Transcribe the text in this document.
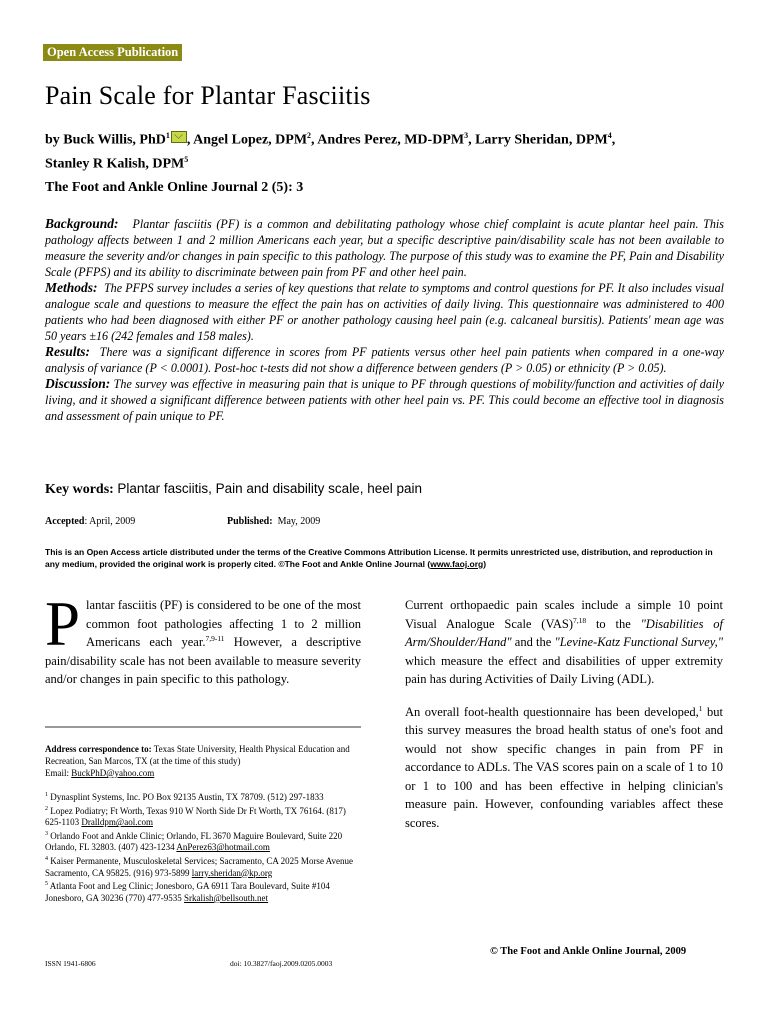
Open Access Publication
Pain Scale for Plantar Fasciitis
by Buck Willis, PhD$^1$ , Angel Lopez, DPM$^2$, Andres Perez, MD-DPM$^3$, Larry Sheridan, DPM$^4$,
Stanley R Kalish, DPM$^5$
The Foot and Ankle Online Journal 2 (5): 3

Background: Plantar fasciitis (PF) is a common and debilitating pathology whose chief complaint is acute plantar heel pain. This pathology affects between 1 and 2 million Americans each year, but a specific descriptive pain/disability scale has not been available to measure the severity and/or changes in pain specific to this pathology. The purpose of this study was to examine the PF, Pain and Disability Scale (PFPS) and its ability to discriminate between pain from PF and other heel pain.

Methods: The PFPS survey includes a series of key questions that relate to symptoms and control questions for PF. It also includes visual analogue scale and questions to measure the effect the pain has on activities of daily living. This questionnaire was administered to 400 patients who had been diagnosed with either PF or another pathology causing heel pain (e.g. calcaneal bursitis). Patients' mean age was 50 years ±16 (242 females and 158 males).

Results: There was a significant difference in scores from PF patients versus other heel pain patients when compared in a one-way analysis of variance (P < 0.0001). Post-hoc t-tests did not show a difference between genders (P > 0.05) or ethnicity (P > 0.05).

Discussion: The survey was effective in measuring pain that is unique to PF through questions of mobility/function and activities of daily living, and it showed a significant difference between patients with other heel pain vs. PF. This could become an effective tool in diagnosis and assessment of pain unique to PF.

Key words: Plantar fasciitis, Pain and disability scale, heel pain
Accepted: April, 2009	Published: May, 2009
This is an Open Access article distributed under the terms of the Creative Commons Attribution License. It permits unrestricted use, distribution, and reproduction in any medium, provided the original work is properly cited. ©The Foot and Ankle Online Journal (www.faoj.org)
Plantar fasciitis (PF) is considered to be one of the most common foot pathologies affecting 1 to 2 million Americans each year.$^{7,9-11}$ However, a descriptive pain/disability scale has not been available to measure severity and/or changes in pain specific to this pathology.

Address correspondence to: Texas State University, Health Physical Education and Recreation, San Marcos, TX (at the time of this study)
Email: BuckPhD@yahoo.com

$^1$ Dynasplint Systems, Inc. PO Box 92135 Austin, TX 78709. (512) 297-1833
$^2$ Lopez Podiatry; Ft Worth, Texas 910 W North Side Dr Ft Worth, TX 76164. (817) 625-1103 Dralldpm@aol.com
$^3$ Orlando Foot and Ankle Clinic; Orlando, FL 3670 Maguire Boulevard, Suite 220 Orlando, FL 32803. (407) 423-1234 AnPerez63@hotmail.com
$^4$ Kaiser Permanente, Musculoskeletal Services; Sacramento, CA 2025 Morse Avenue Sacramento, CA 95825. (916) 973-5899 larry.sheridan@kp.org
$^5$ Atlanta Foot and Leg Clinic; Jonesboro, GA 6911 Tara Boulevard, Suite #104 Jonesboro, GA 30236 (770) 477-9535 Srkalish@bellsouth.net

Current orthopaedic pain scales include a simple 10 point Visual Analogue Scale (VAS)$^{7,18}$ to the "Disabilities of Arm/Shoulder/Hand" and the "Levine-Katz Functional Survey," which measure the effect and disabilities of upper extremity pain has during Activities of Daily Living (ADL).

An overall foot-health questionnaire has been developed,$^1$ but this survey measures the broad health status of one's foot and would not show specific changes in pain from PF in accordance to ADLs. The VAS scores pain on a scale of 1 to 10 or 1 to 100 and has been effective in helping clinician's measure pain. However, confounding variables affect these scores.

© The Foot and Ankle Online Journal, 2009
ISSN 1941-6806	doi: 10.3827/faoj.2009.0205.0003
